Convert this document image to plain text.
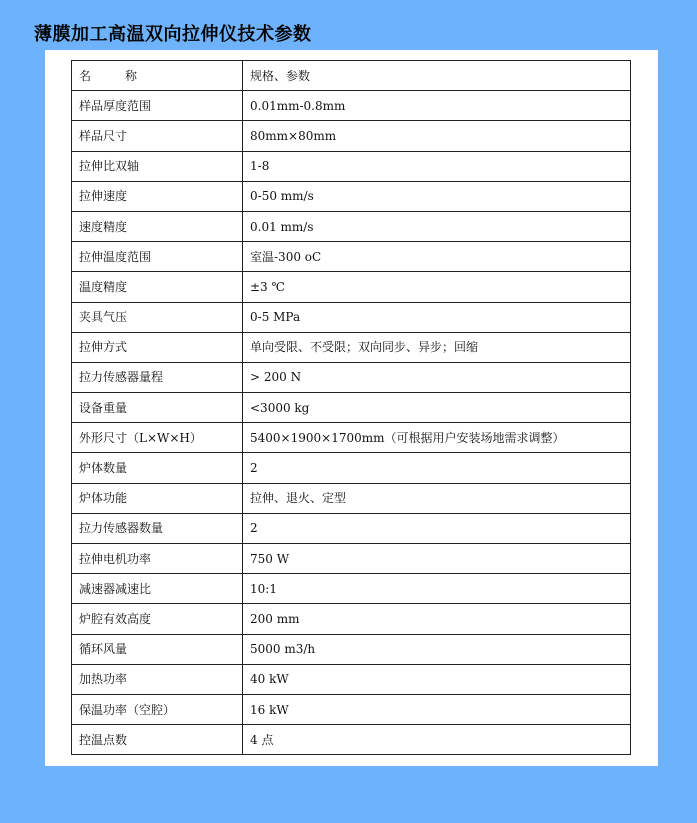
薄膜加工高温双向拉伸仪技术参数
名 称	规格、参数
样品厚度范围	0.01mm-0.8mm
样品尺寸	80mm×80mm
拉伸比双轴	1-8
拉伸速度	0-50 mm/s
速度精度	0.01 mm/s
拉伸温度范围	室温-300 oC
温度精度	±3 ℃
夹具气压	0-5 MPa
拉伸方式	单向受限、不受限；双向同步、异步；回缩
拉力传感器量程	> 200 N
设备重量	<3000 kg
外形尺寸（L×W×H）	5400×1900×1700mm（可根据用户安装场地需求调整）
炉体数量	2
炉体功能	拉伸、退火、定型
拉力传感器数量	2
拉伸电机功率	750 W
减速器减速比	10:1
炉腔有效高度	200 mm
循环风量	5000 m3/h
加热功率	40 kW
保温功率（空腔）	16 kW
控温点数	4 点
